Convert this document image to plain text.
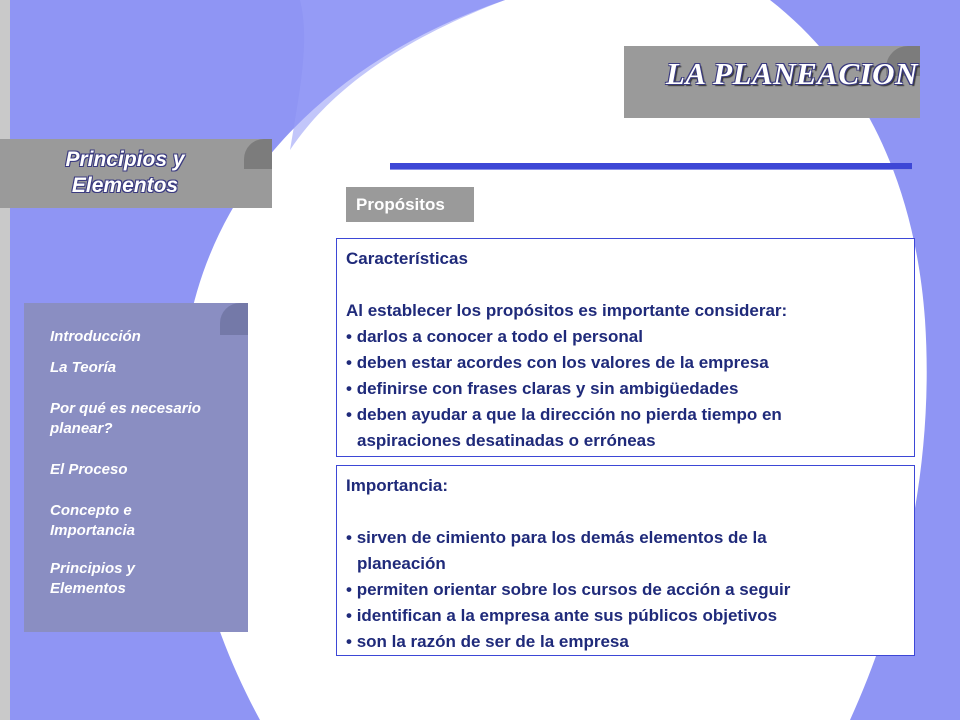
LA PLANEACION
Principios y
Elementos
Introducción
La Teoría
Por qué es necesario
planear?
El Proceso
Concepto e
Importancia
Principios y
Elementos
Propósitos
Características
Al establecer los propósitos es importante considerar:
• darlos a conocer a todo el personal
• deben estar acordes con los valores de la empresa
• definirse con frases claras y sin ambigüedades
• deben ayudar a que la dirección no pierda tiempo en
aspiraciones desatinadas o erróneas
Importancia:
• sirven de cimiento para los demás elementos de la
planeación
• permiten orientar sobre los cursos de acción a seguir
• identifican a la empresa ante sus públicos objetivos
• son la razón de ser de la empresa
